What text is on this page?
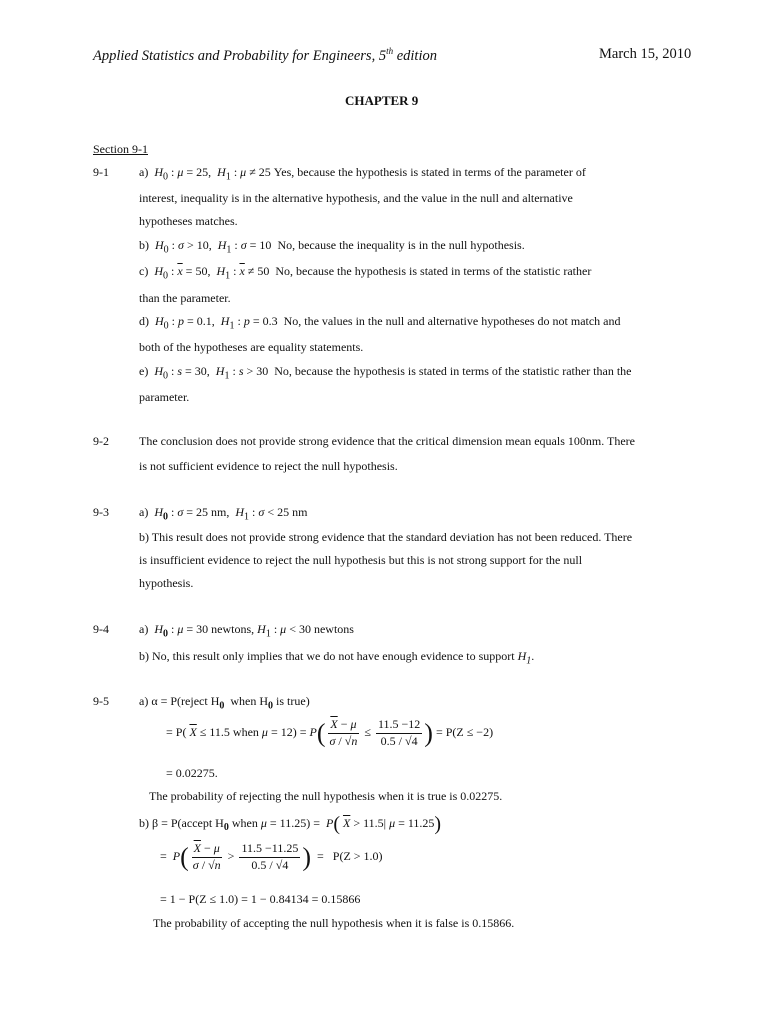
Applied Statistics and Probability for Engineers, 5th edition	March 15, 2010
CHAPTER 9
Section 9-1
9-1	a)  $H_0$ : μ = 25,  $H_1$ : μ ≠ 25 Yes, because the hypothesis is stated in terms of the parameter of
interest, inequality is in the alternative hypothesis, and the value in the null and alternative
hypotheses matches.
b)  $H_0$ : σ > 10,  $H_1$ : σ = 10  No, because the inequality is in the null hypothesis.
c)  $H_0$ : $\overline{x} = 50$,  $H_1$ : $\overline{x} \ne 50$  No, because the hypothesis is stated in terms of the statistic rather
than the parameter.
d)  $H_0$ : p = 0.1,  $H_1$ : p = 0.3  No, the values in the null and alternative hypotheses do not match and
both of the hypotheses are equality statements.
e)  $H_0$ : s = 30,  $H_1$ : s > 30  No, because the hypothesis is stated in terms of the statistic rather than the
parameter.
9-2	The conclusion does not provide strong evidence that the critical dimension mean equals 100nm. There
is not sufficient evidence to reject the null hypothesis.
9-3	a)  $H_0$ : σ = 25 nm,  $H_1$ : σ < 25 nm
b) This result does not provide strong evidence that the standard deviation has not been reduced. There
is insufficient evidence to reject the null hypothesis but this is not strong support for the null
hypothesis.
9-4	a)  $H_0$ : μ = 30 newtons, $H_1$ : μ < 30 newtons
b) No, this result only implies that we do not have enough evidence to support $H_1$.
9-5	a) α = P(reject $H_0$  when $H_0$ is true)
= P( $\overline{X} \le 11.5$ when $\mu = 12) = P( \frac{\overline{X} - \mu}{\sigma / √n} \le \frac{11.5 -12}{0.5 / √4}$ ) = P(Z ≤ −2)
= 0.02275.
The probability of rejecting the null hypothesis when it is true is 0.02275.
b) β = P(accept $H_0$ when μ = 11.25) =  P( $\overline{X} > 11.5|$ μ = 11.25)
=  $P( \frac{\overline{X} - \mu}{\sigma / √n} > \frac{11.5 -11.25}{0.5 / √4}$ )  =   P(Z > 1.0)
= 1 − P(Z ≤ 1.0) = 1 − 0.84134 = 0.15866
The probability of accepting the null hypothesis when it is false is 0.15866.
